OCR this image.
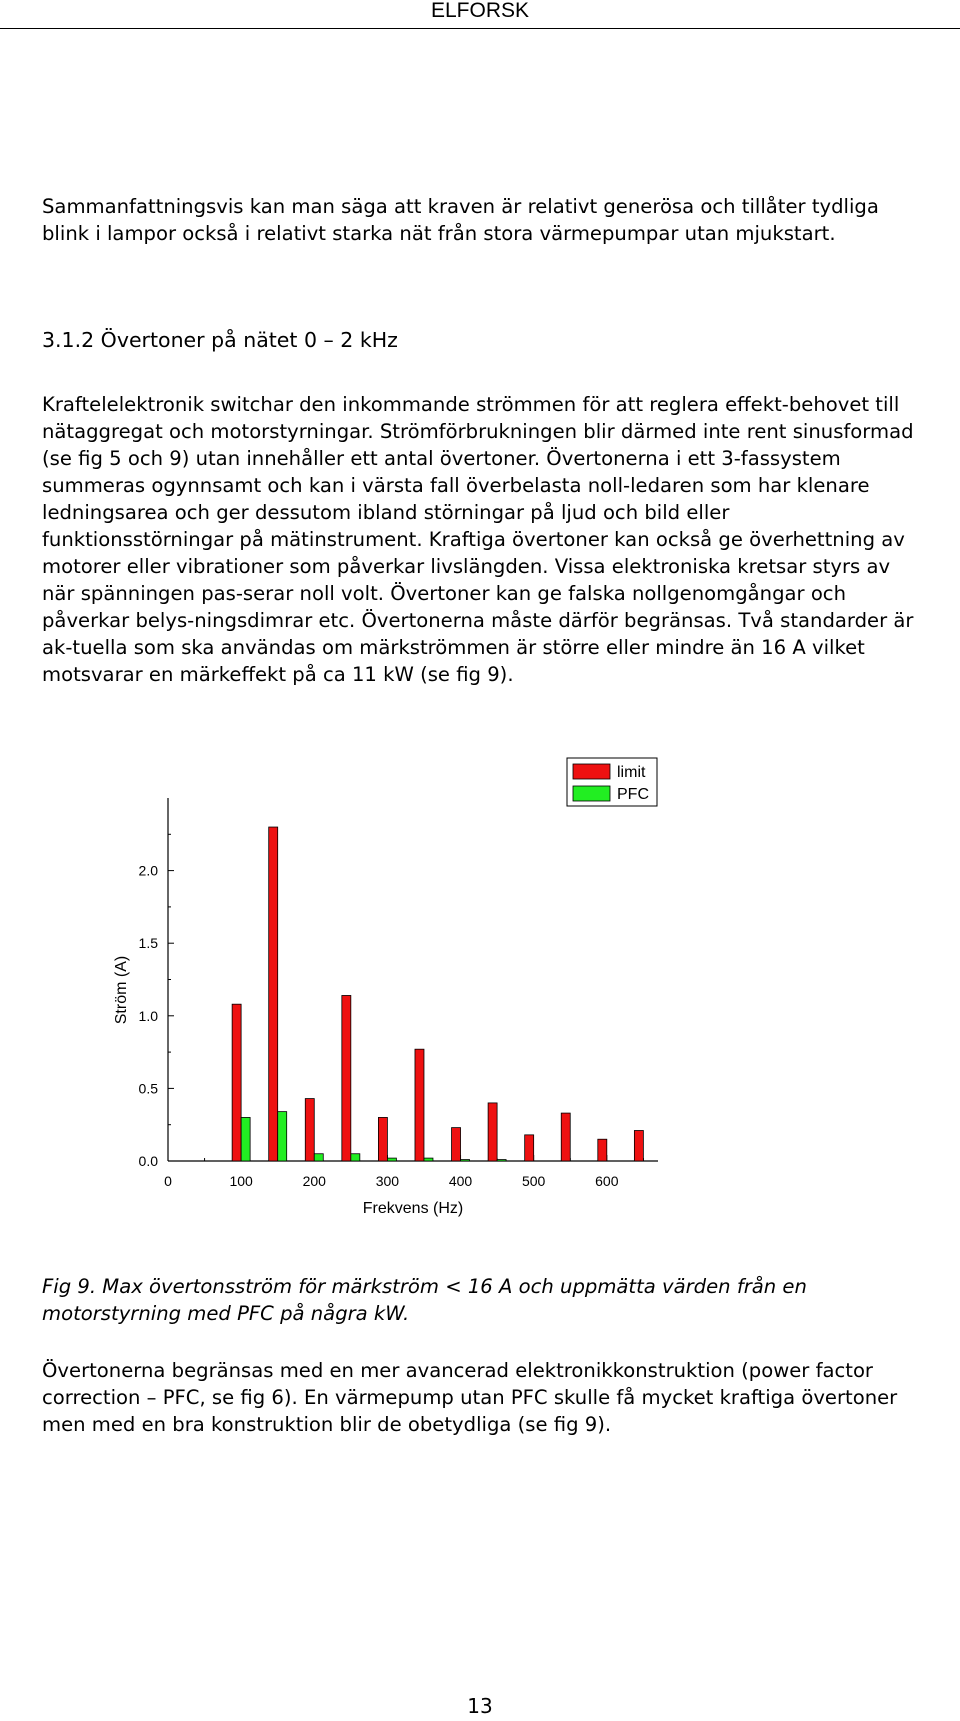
ELFORSK

Sammanfattningsvis kan man säga att kraven är relativt generösa och tillåter tydliga blink i lampor också i relativt starka nät från stora värmepumpar utan mjukstart.

3.1.2 Övertoner på nätet 0 – 2 kHz

Kraftelelektronik switchar den inkommande strömmen för att reglera effekt-behovet till nätaggregat och motorstyrningar. Strömförbrukningen blir därmed inte rent sinusformad (se fig 5 och 9) utan innehåller ett antal övertoner. Övertonerna i ett 3-fassystem summeras ogynnsamt och kan i värsta fall överbelasta noll-ledaren som har klenare ledningsarea och ger dessutom ibland störningar på ljud och bild eller funktionsstörningar på mätinstrument. Kraftiga övertoner kan också ge överhettning av motorer eller vibrationer som påverkar livslängden. Vissa elektroniska kretsar styrs av när spänningen pas-serar noll volt. Övertoner kan ge falska nollgenomgångar och påverkar belys-ningsdimrar etc. Övertonerna måste därför begränsas. Två standarder är ak-tuella som ska användas om märkströmmen är större eller mindre än 16 A vilket motsvarar en märkeffekt på ca 11 kW (se fig 9).

0.0
0.5
1.0
1.5
2.0
0	100	200	300	400	500	600
Frekvens (Hz)
Ström (A)
limit
PFC

Fig 9. Max övertonsström för märkström < 16 A och uppmätta värden från en motorstyrning med PFC på några kW.

Övertonerna begränsas med en mer avancerad elektronikkonstruktion (power factor correction – PFC, se fig 6). En värmepump utan PFC skulle få mycket kraftiga övertoner men med en bra konstruktion blir de obetydliga (se fig 9).

13
